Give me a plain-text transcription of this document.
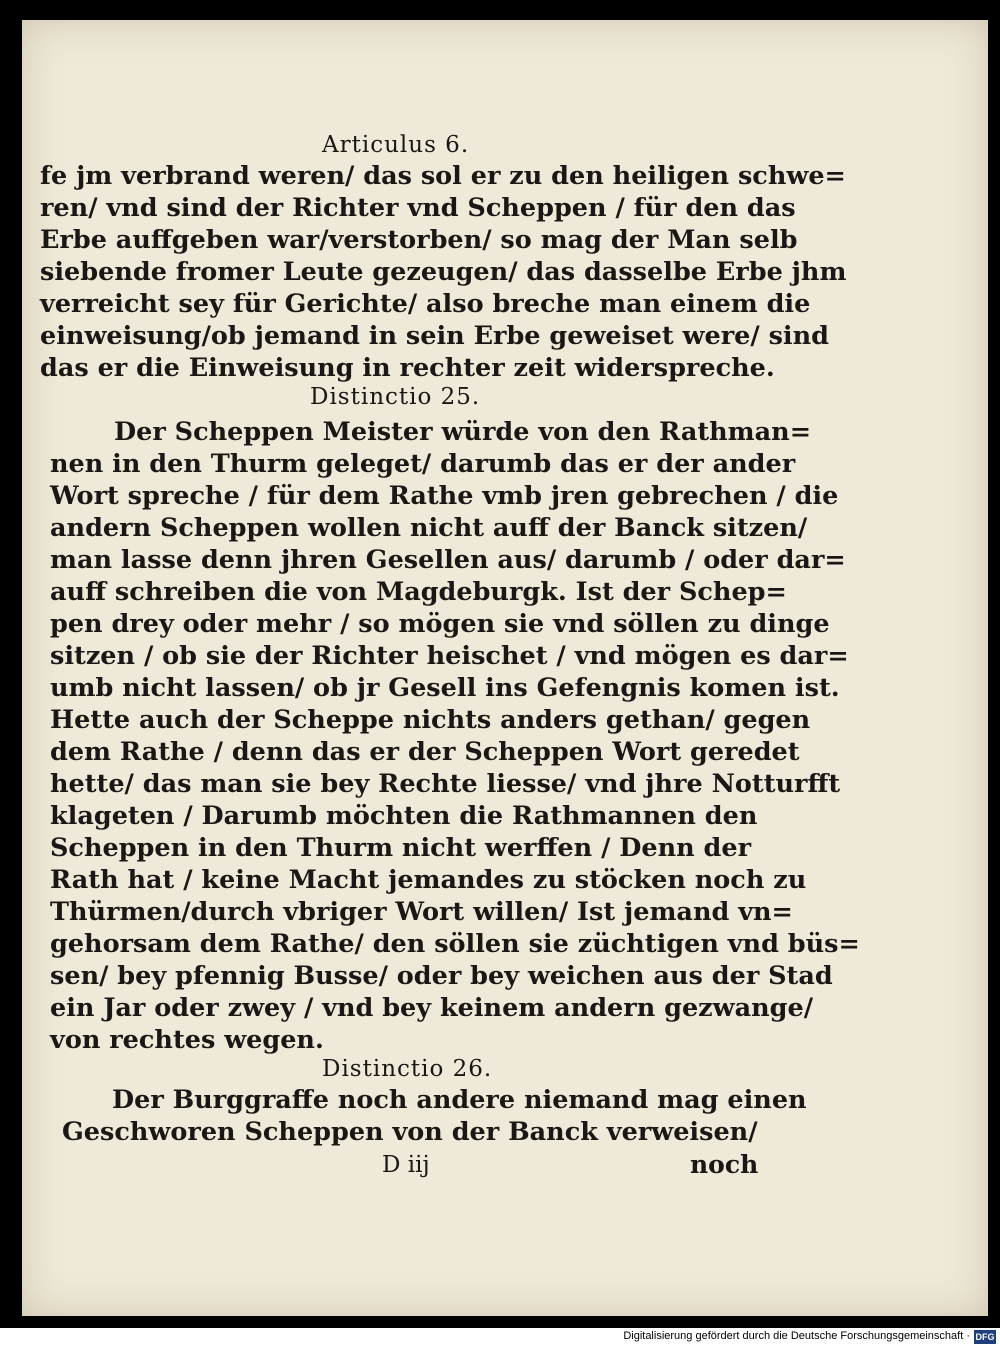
Articulus 6.
fe jm verbrand weren/ das sol er zu den heiligen schwe=
ren/ vnd sind der Richter vnd Scheppen / für den das
Erbe auffgeben war/verstorben/ so mag der Man selb
siebende fromer Leute gezeugen/ das dasselbe Erbe jhm
verreicht sey für Gerichte/ also breche man einem die
einweisung/ob jemand in sein Erbe geweiset were/ sind
das er die Einweisung in rechter zeit widerspreche.
Distinctio 25.
Der Scheppen Meister würde von den Rathman=
nen in den Thurm geleget/ darumb das er der ander
Wort spreche / für dem Rathe vmb jren gebrechen / die
andern Scheppen wollen nicht auff der Banck sitzen/
man lasse denn jhren Gesellen aus/ darumb / oder dar=
auff schreiben die von Magdeburgk. Ist der Schep=
pen drey oder mehr / so mögen sie vnd söllen zu dinge
sitzen / ob sie der Richter heischet / vnd mögen es dar=
umb nicht lassen/ ob jr Gesell ins Gefengnis komen ist.
Hette auch der Scheppe nichts anders gethan/ gegen
dem Rathe / denn das er der Scheppen Wort geredet
hette/ das man sie bey Rechte liesse/ vnd jhre Notturfft
klageten / Darumb möchten die Rathmannen den
Scheppen in den Thurm nicht werffen / Denn der
Rath hat / keine Macht jemandes zu stöcken noch zu
Thürmen/durch vbriger Wort willen/ Ist jemand vn=
gehorsam dem Rathe/ den söllen sie züchtigen vnd büs=
sen/ bey pfennig Busse/ oder bey weichen aus der Stad
ein Jar oder zwey / vnd bey keinem andern gezwange/
von rechtes wegen.
Distinctio 26.
Der Burggraffe noch andere niemand mag einen
Geschworen Scheppen von der Banck verweisen/
D iij	noch
Digitalisierung gefördert durch die Deutsche Forschungsgemeinschaft · DFG
